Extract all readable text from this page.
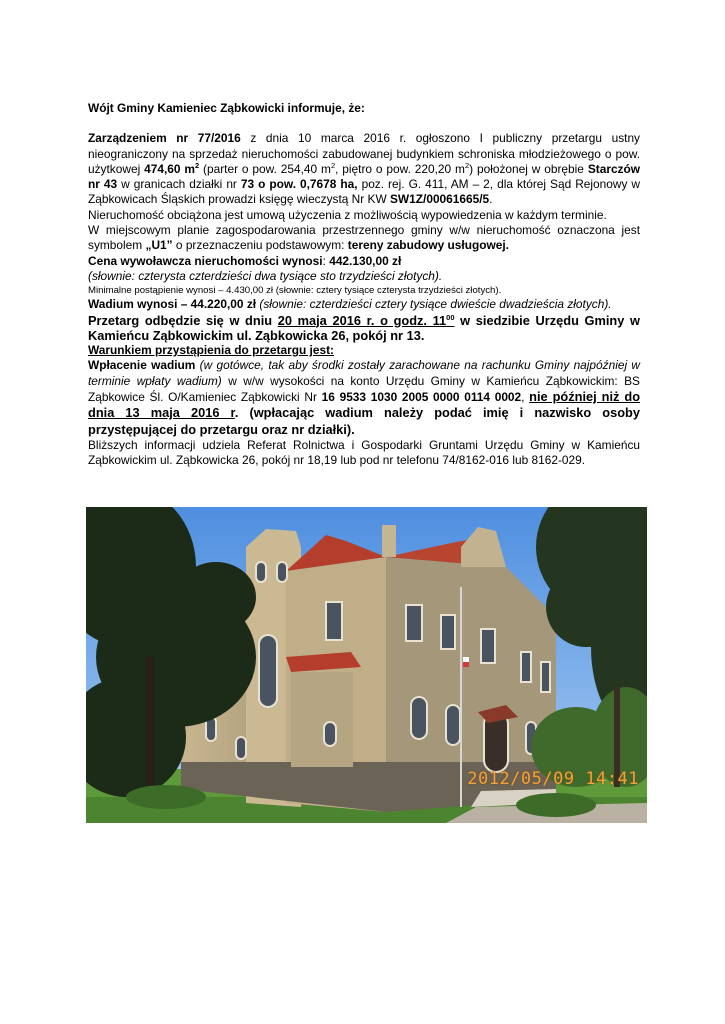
Wójt Gminy Kamieniec Ząbkowicki informuje, że:

Zarządzeniem nr 77/2016 z dnia 10 marca 2016 r. ogłoszono I publiczny przetargu ustny nieograniczony na sprzedaż nieruchomości zabudowanej budynkiem schroniska młodzieżowego o pow. użytkowej 474,60 $m^2$ (parter o pow. 254,40 $m^2$, piętro o pow. 220,20 $m^2$) położonej w obrębie Starczów nr 43 w granicach działki nr 73 o pow. 0,7678 ha, poz. rej. G. 411, AM – 2, dla której Sąd Rejonowy w Ząbkowicach Śląskich prowadzi księgę wieczystą Nr KW SW1Z/00061665/5.

Nieruchomość obciążona jest umową użyczenia z możliwością wypowiedzenia w każdym terminie.

W miejscowym planie zagospodarowania przestrzennego gminy w/w nieruchomość oznaczona jest symbolem „U1” o przeznaczeniu podstawowym: tereny zabudowy usługowej.

Cena wywoławcza nieruchomości wynosi: 442.130,00 zł

(słownie: czterysta czterdzieści dwa tysiące sto trzydzieści złotych).

Minimalne postąpienie wynosi – 4.430,00 zł (słownie: cztery tysiące czterysta trzydzieści złotych).

Wadium wynosi – 44.220,00 zł (słownie: czterdzieści cztery tysiące dwieście dwadzieścia złotych).

Przetarg odbędzie się w dniu 20 maja 2016 r. o godz. $11^{00}$ w siedzibie Urzędu Gminy w Kamieńcu Ząbkowickim ul. Ząbkowicka 26, pokój nr 13.

Warunkiem przystąpienia do przetargu jest:

Wpłacenie wadium (w gotówce, tak aby środki zostały zarachowane na rachunku Gminy najpóźniej w terminie wpłaty wadium) w w/w wysokości na konto Urzędu Gminy w Kamieńcu Ząbkowickim: BS Ząbkowice Śl. O/Kamieniec Ząbkowicki Nr 16 9533 1030 2005 0000 0114 0002, nie później niż do dnia 13 maja 2016 r. (wpłacając wadium należy podać imię i nazwisko osoby przystępującej do przetargu oraz nr działki).

Bliższych informacji udziela Referat Rolnictwa i Gospodarki Gruntami Urzędu Gminy w Kamieńcu Ząbkowickim ul. Ząbkowicka 26, pokój nr 18,19 lub pod nr telefonu 74/8162-016 lub 8162-029.

2012/05/09 14:41
